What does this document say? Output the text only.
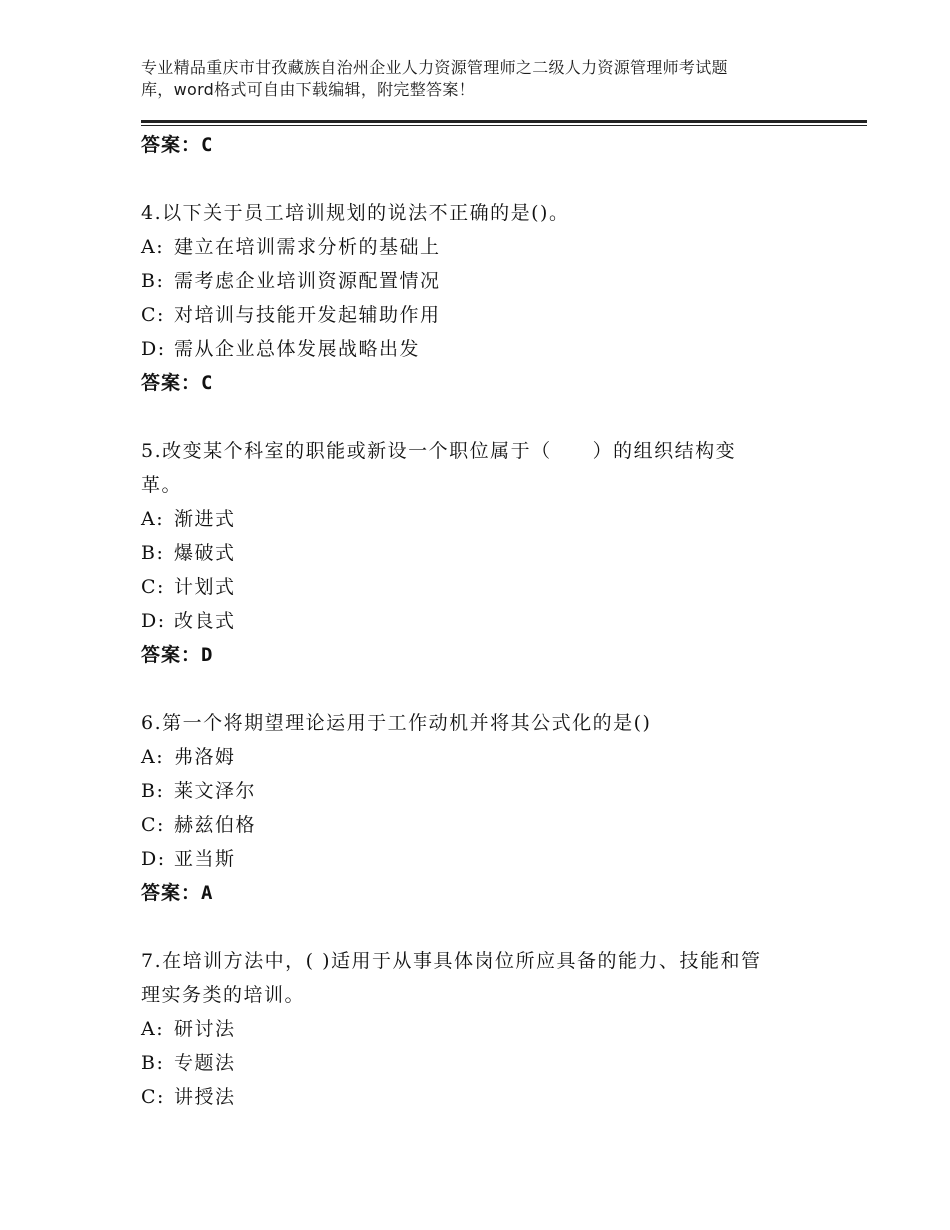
专业精品重庆市甘孜藏族自治州企业人力资源管理师之二级人力资源管理师考试题
库，word格式可自由下载编辑，附完整答案！
答案：C
4.以下关于员工培训规划的说法不正确的是()。
A: 建立在培训需求分析的基础上
B: 需考虑企业培训资源配置情况
C: 对培训与技能开发起辅助作用
D: 需从企业总体发展战略出发
答案：C
5.改变某个科室的职能或新设一个职位属于（　　）的组织结构变
革。
A: 渐进式
B: 爆破式
C: 计划式
D: 改良式
答案：D
6.第一个将期望理论运用于工作动机并将其公式化的是()
A: 弗洛姆
B: 莱文泽尔
C: 赫兹伯格
D: 亚当斯
答案：A
7.在培训方法中，( )适用于从事具体岗位所应具备的能力、技能和管
理实务类的培训。
A: 研讨法
B: 专题法
C: 讲授法
